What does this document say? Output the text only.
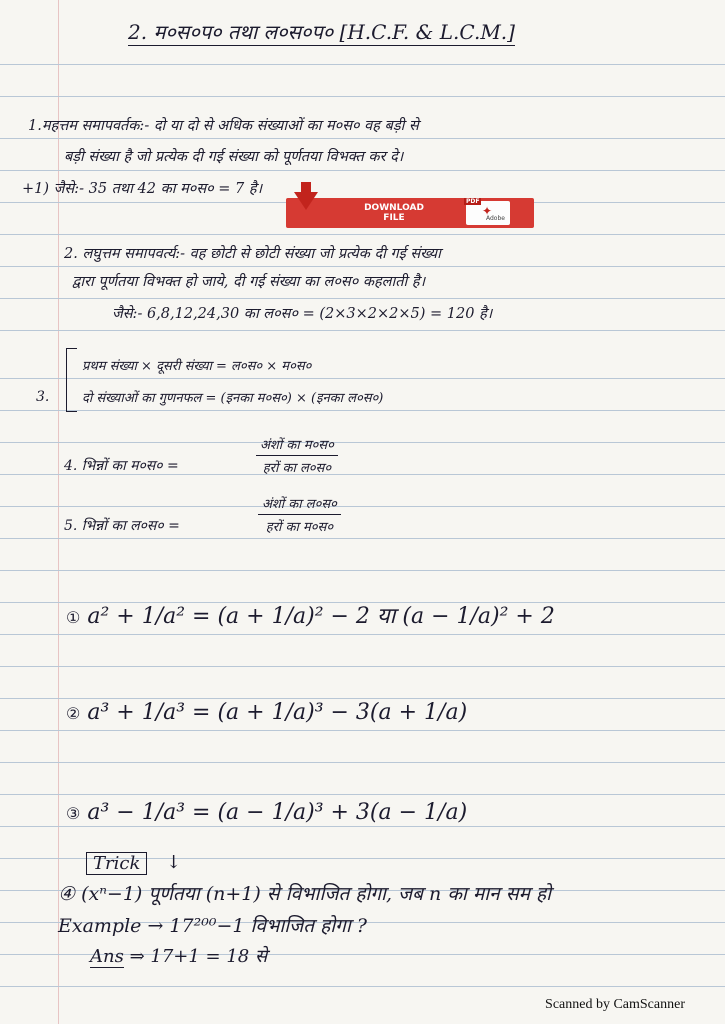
2. म०स०प० तथा ल०स०प० [H.C.F. & L.C.M.]
1.महत्तम समापवर्तक:- दो या दो से अधिक संख्याओं का म०स० वह बड़ी से
बड़ी संख्या है जो प्रत्येक दी गई संख्या को पूर्णतया विभक्त कर दे।
+1) जैसे:- 35 तथा 42 का म०स० = 7 है।
DOWNLOAD
FILE
PDF
✦
Adobe
2. लघुत्तम समापवर्त्य:- वह छोटी से छोटी संख्या जो प्रत्येक दी गई संख्या
द्वारा पूर्णतया विभक्त हो जाये, दी गई संख्या का ल०स० कहलाती है।
जैसे:- 6,8,12,24,30 का ल०स० = (2×3×2×2×5) = 120 है।
3.
प्रथम संख्या × दूसरी संख्या = ल०स० × म०स०
दो संख्याओं का गुणनफल = (इनका म०स०) × (इनका ल०स०)
4. भिन्नों का म०स० =
अंशों का म०स०
हरों का ल०स०
5. भिन्नों का ल०स० =
अंशों का ल०स०
हरों का म०स०
① a² + 1/a² = (a + 1/a)² − 2 या (a − 1/a)² + 2
② a³ + 1/a³ = (a + 1/a)³ − 3(a + 1/a)
③ a³ − 1/a³ = (a − 1/a)³ + 3(a − 1/a)
Trick	↓
④ (xⁿ−1) पूर्णतया (n+1) से विभाजित होगा, जब n का मान सम हो
Example → 17²⁰⁰−1 विभाजित होगा ?
Ans ⇒ 17+1 = 18 से
Scanned by CamScanner
